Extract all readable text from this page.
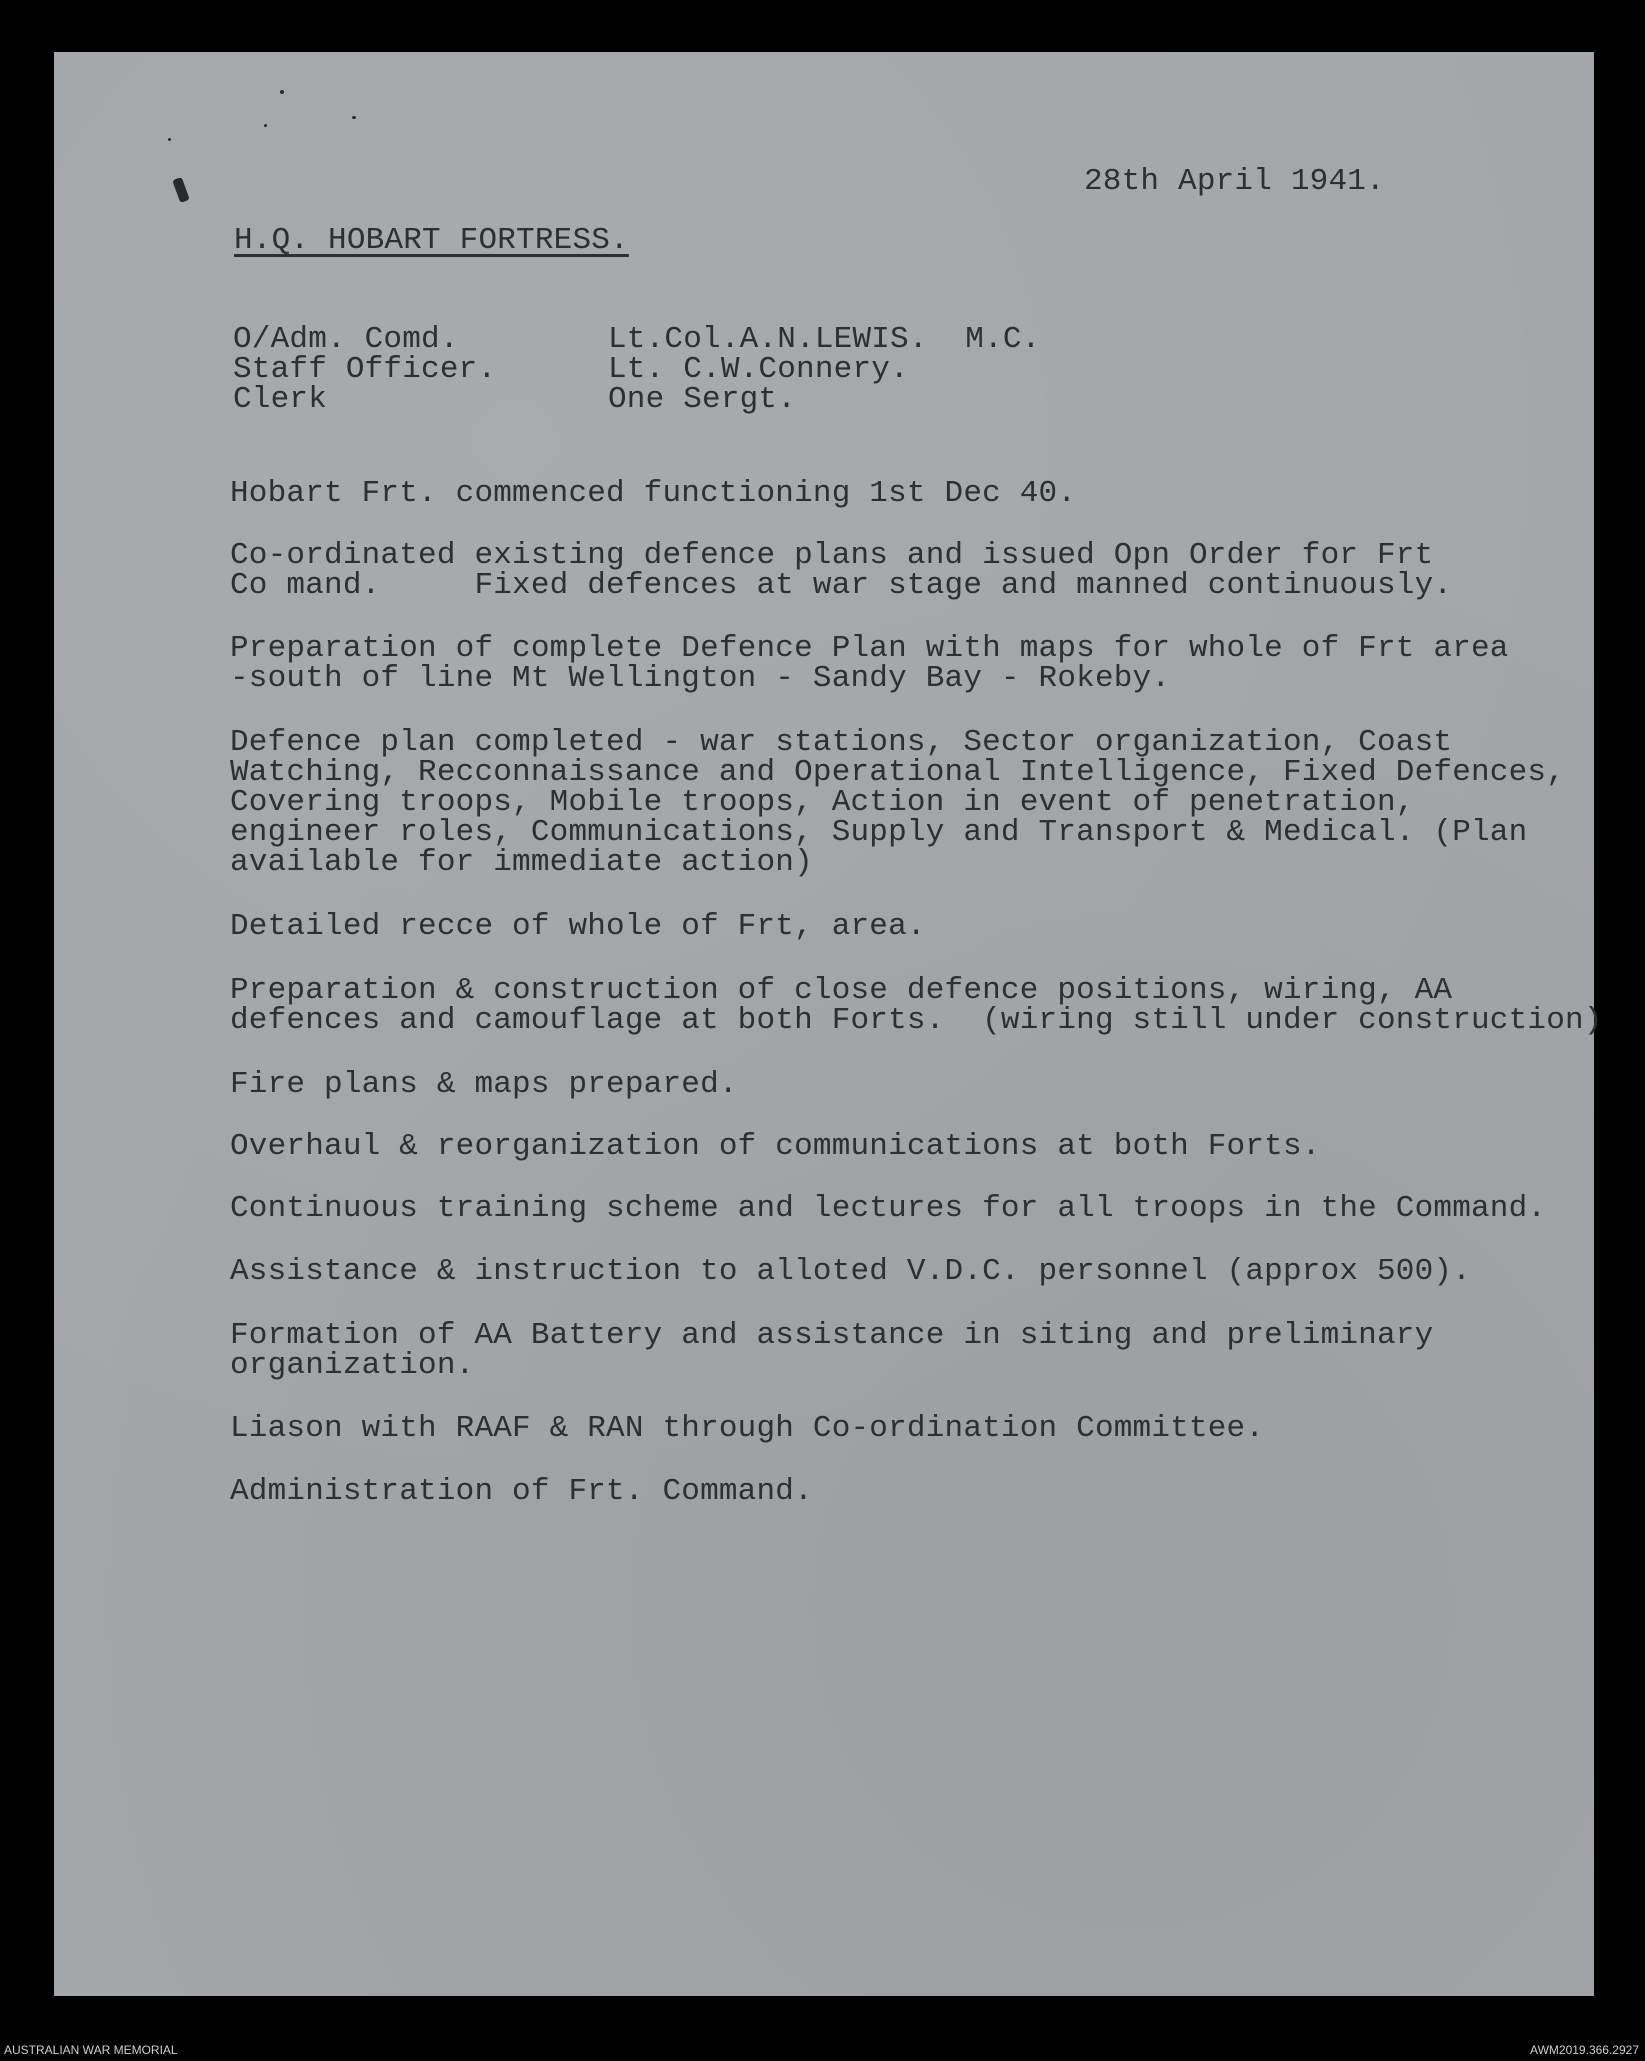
28th April 1941.
H.Q. HOBART FORTRESS.
O/Adm. Comd.	Lt.Col.A.N.LEWIS.  M.C.
Staff Officer.	Lt. C.W.Connery.
Clerk	One Sergt.
Hobart Frt. commenced functioning 1st Dec 40.
Co-ordinated existing defence plans and issued Opn Order for Frt
Co mand.     Fixed defences at war stage and manned continuously.
Preparation of complete Defence Plan with maps for whole of Frt area
-south of line Mt Wellington - Sandy Bay - Rokeby.
Defence plan completed - war stations, Sector organization, Coast
Watching, Recconnaissance and Operational Intelligence, Fixed Defences,
Covering troops, Mobile troops, Action in event of penetration,
engineer roles, Communications, Supply and Transport & Medical. (Plan
available for immediate action)
Detailed recce of whole of Frt, area.
Preparation & construction of close defence positions, wiring, AA
defences and camouflage at both Forts.  (wiring still under construction)
Fire plans & maps prepared.
Overhaul & reorganization of communications at both Forts.
Continuous training scheme and lectures for all troops in the Command.
Assistance & instruction to alloted V.D.C. personnel (approx 500).
Formation of AA Battery and assistance in siting and preliminary
organization.
Liason with RAAF & RAN through Co-ordination Committee.
Administration of Frt. Command.
AUSTRALIAN WAR MEMORIAL	AWM2019.366.2927
